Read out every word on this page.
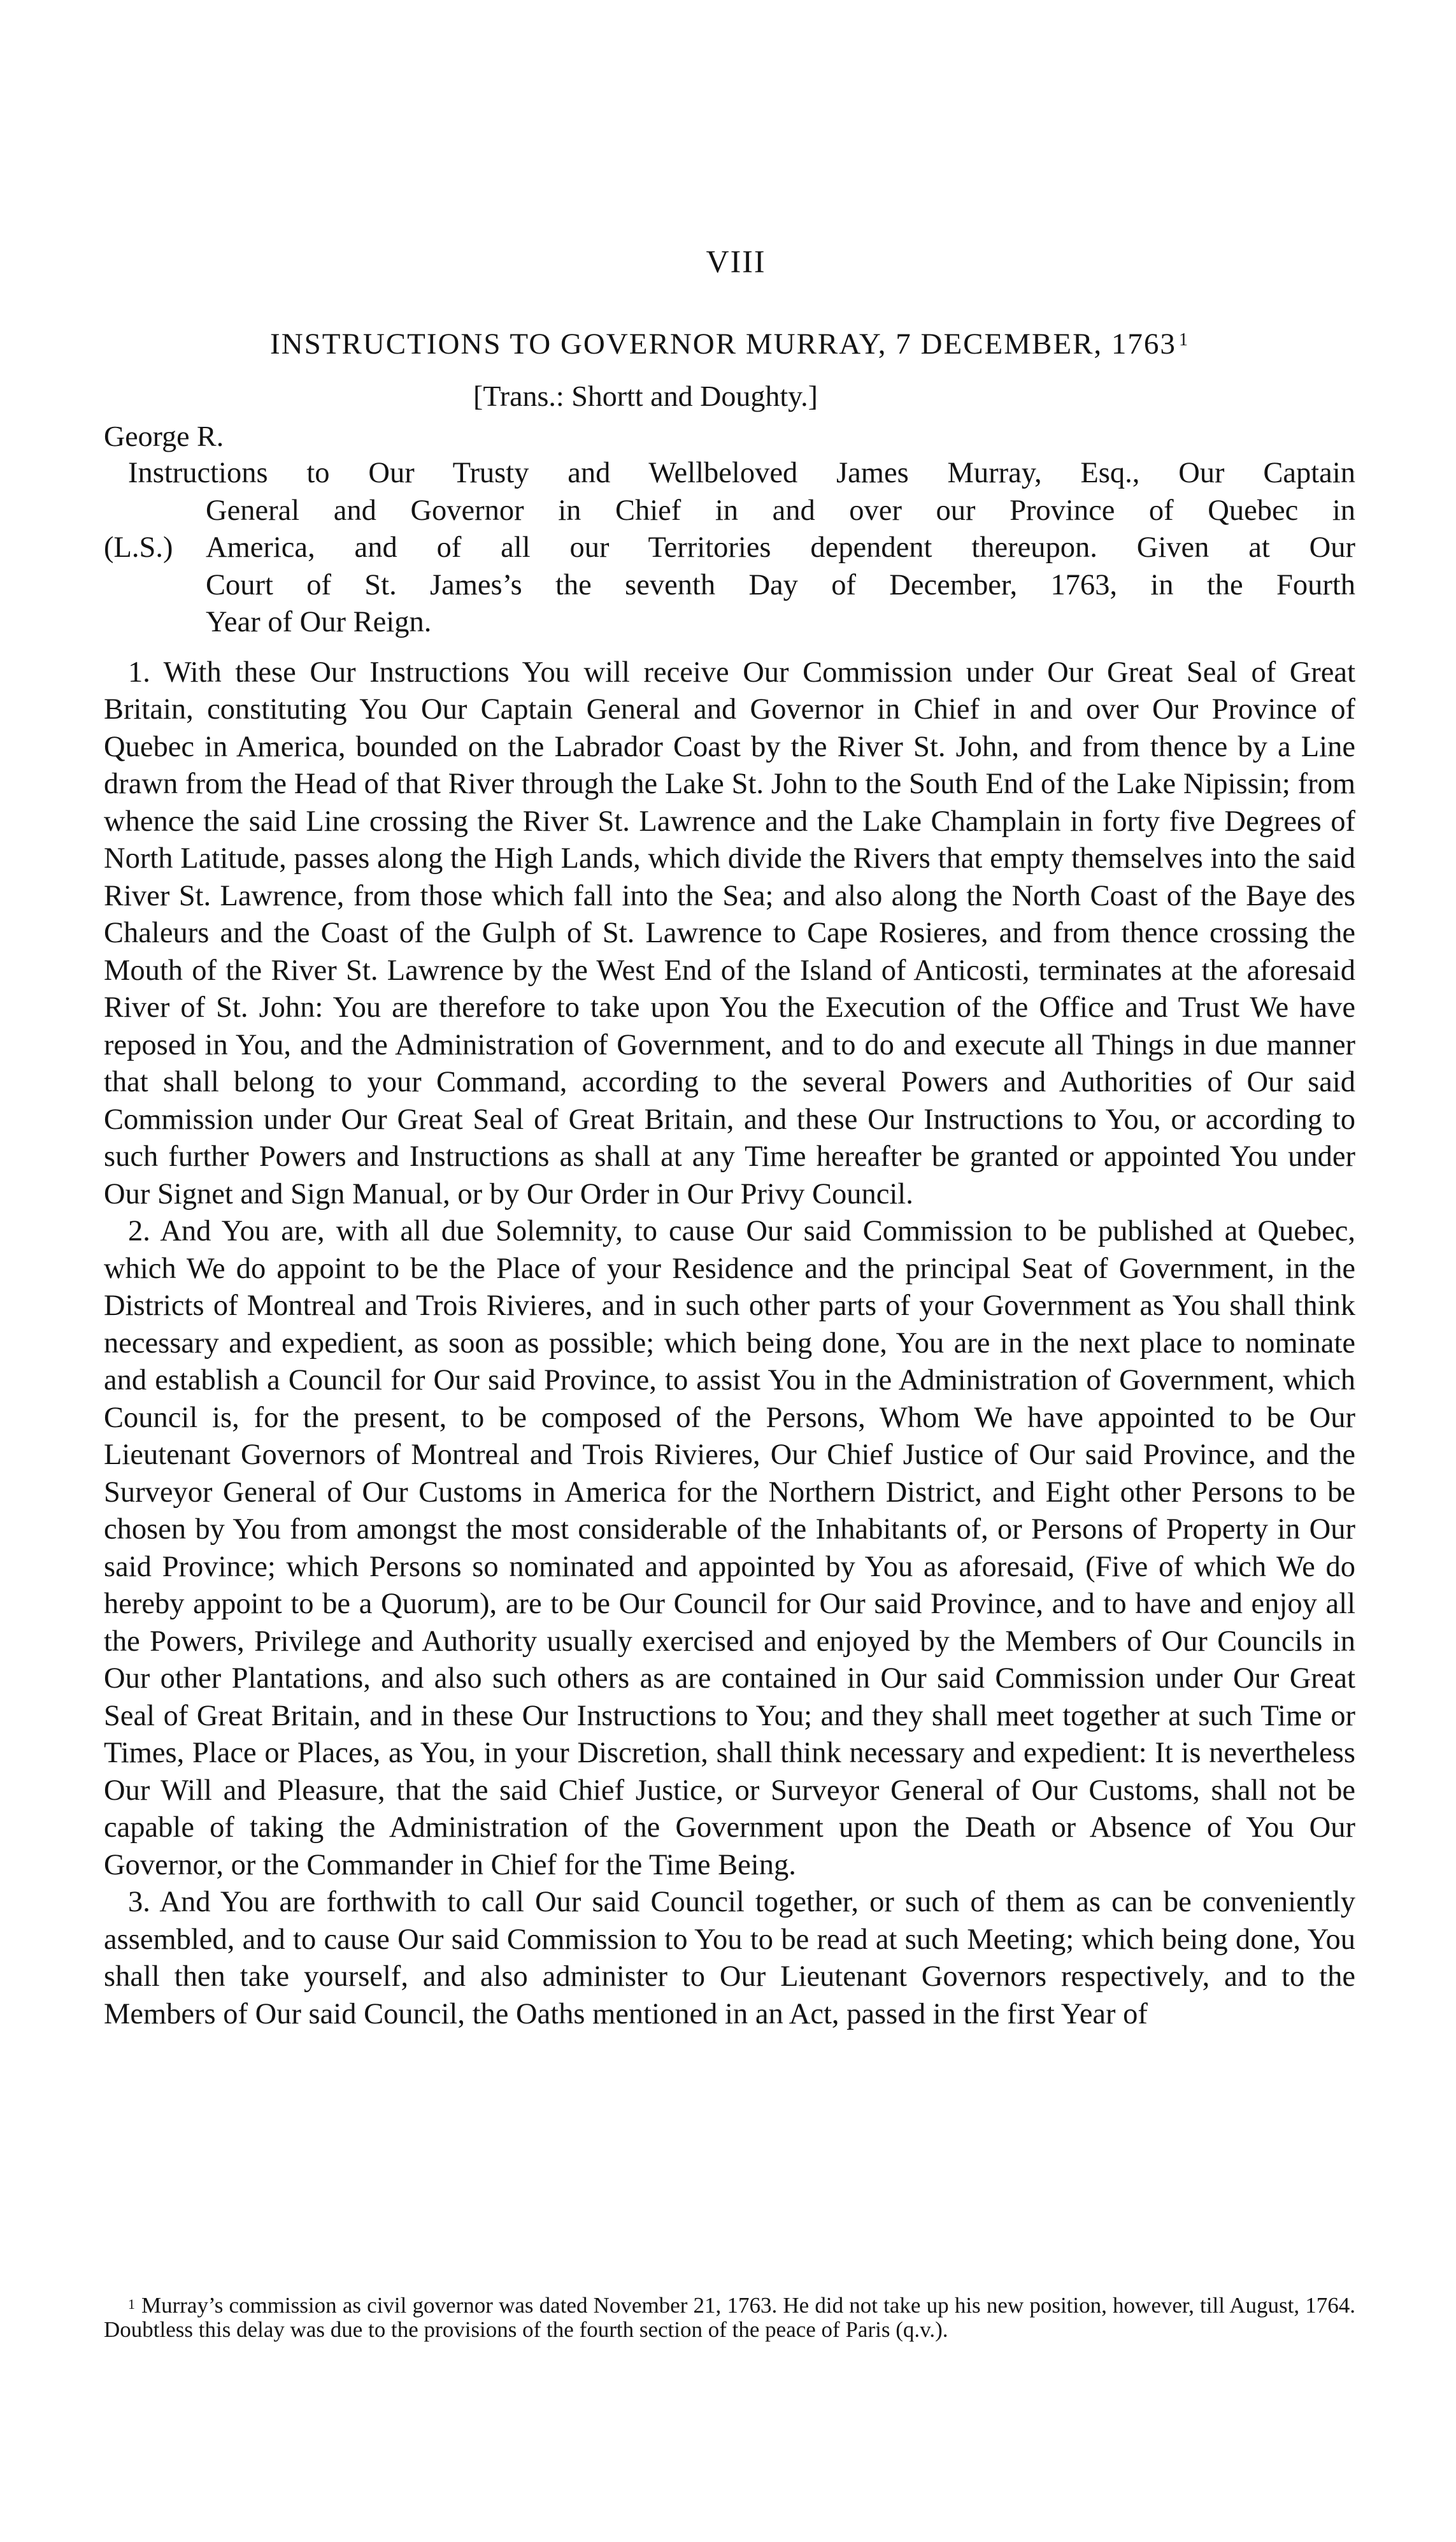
VIII
INSTRUCTIONS TO GOVERNOR MURRAY, 7 DECEMBER, 1763 $^1$
[Trans.: Shortt and Doughty.]
George R.
Instructions to Our Trusty and Wellbeloved James Murray, Esq., Our Captain
General and Governor in Chief in and over our Province of Quebec in
America, and of all our Territories dependent thereupon. Given at Our
Court of St. James’s the seventh Day of December, 1763, in the Fourth
Year of Our Reign.
(L.S.)

1. With these Our Instructions You will receive Our Commission under Our Great Seal of Great Britain, constituting You Our Captain General and Governor in Chief in and over Our Province of Quebec in America, bounded on the Labrador Coast by the River St. John, and from thence by a Line drawn from the Head of that River through the Lake St. John to the South End of the Lake Nipissin; from whence the said Line crossing the River St. Lawrence and the Lake Champlain in forty five Degrees of North Latitude, passes along the High Lands, which divide the Rivers that empty themselves into the said River St. Lawrence, from those which fall into the Sea; and also along the North Coast of the Baye des Chaleurs and the Coast of the Gulph of St. Lawrence to Cape Rosieres, and from thence crossing the Mouth of the River St. Lawrence by the West End of the Island of Anticosti, terminates at the aforesaid River of St. John: You are therefore to take upon You the Execution of the Office and Trust We have reposed in You, and the Administration of Government, and to do and execute all Things in due manner that shall belong to your Command, according to the several Powers and Authorities of Our said Commission under Our Great Seal of Great Britain, and these Our Instructions to You, or according to such further Powers and Instructions as shall at any Time hereafter be granted or appointed You under Our Signet and Sign Manual, or by Our Order in Our Privy Council.

2. And You are, with all due Solemnity, to cause Our said Commission to be published at Quebec, which We do appoint to be the Place of your Residence and the principal Seat of Government, in the Districts of Montreal and Trois Rivieres, and in such other parts of your Government as You shall think necessary and expedient, as soon as possible; which being done, You are in the next place to nominate and establish a Council for Our said Province, to assist You in the Administration of Government, which Council is, for the present, to be composed of the Persons, Whom We have appointed to be Our Lieutenant Governors of Montreal and Trois Rivieres, Our Chief Justice of Our said Province, and the Surveyor General of Our Customs in America for the Northern District, and Eight other Persons to be chosen by You from amongst the most considerable of the Inhabitants of, or Persons of Property in Our said Province; which Persons so nominated and appointed by You as aforesaid, (Five of which We do hereby appoint to be a Quorum), are to be Our Council for Our said Province, and to have and enjoy all the Powers, Privilege and Authority usually exercised and enjoyed by the Members of Our Councils in Our other Plantations, and also such others as are contained in Our said Commission under Our Great Seal of Great Britain, and in these Our Instructions to You; and they shall meet together at such Time or Times, Place or Places, as You, in your Discretion, shall think necessary and expedient: It is nevertheless Our Will and Pleasure, that the said Chief Justice, or Surveyor General of Our Customs, shall not be capable of taking the Administration of the Government upon the Death or Absence of You Our Governor, or the Commander in Chief for the Time Being.

3. And You are forthwith to call Our said Council together, or such of them as can be conveniently assembled, and to cause Our said Commission to You to be read at such Meeting; which being done, You shall then take yourself, and also administer to Our Lieutenant Governors respectively, and to the Members of Our said Council, the Oaths mentioned in an Act, passed in the first Year of

$^1$ Murray’s commission as civil governor was dated November 21, 1763. He did not take up his new position, however, till August, 1764. Doubtless this delay was due to the provisions of the fourth section of the peace of Paris (q.v.).
